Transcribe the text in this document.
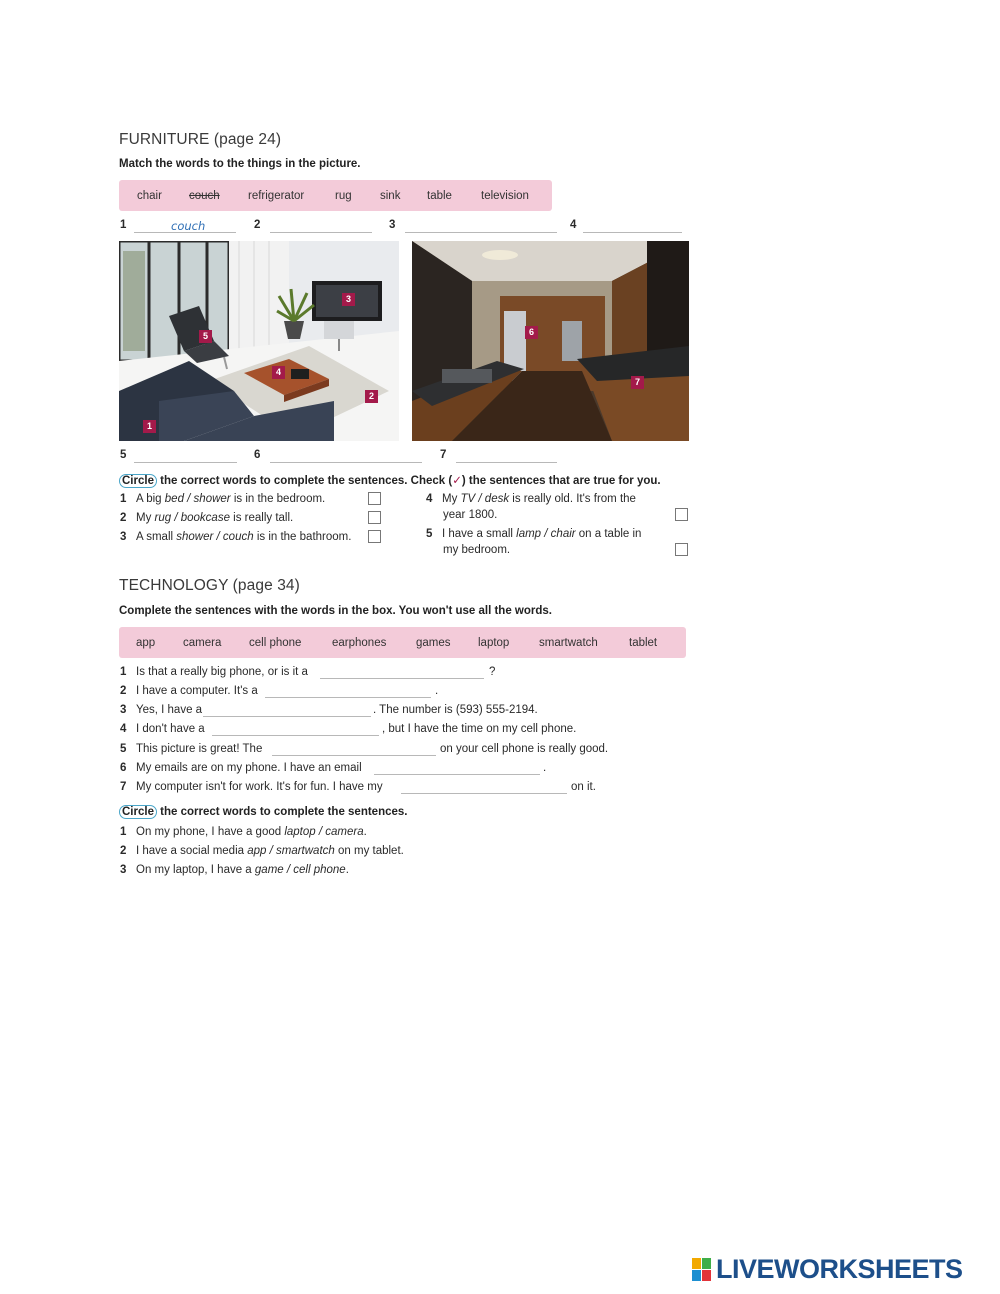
FURNITURE (page 24)
Match the words to the things in the picture.
chair couch refrigerator	rug sink table	television
1	couch	2	3	4
3
5
4
2
1
6
7
5	6	7
Circle the correct words to complete the sentences. Check (✓) the sentences that are true for you.
1 A big bed / shower is in the bedroom.
2 My rug / bookcase is really tall.
3 A small shower / couch is in the bathroom.
4 My TV / desk is really old. It's from the
year 1800.
5 I have a small lamp / chair on a table in
my bedroom.
TECHNOLOGY (page 34)
Complete the sentences with the words in the box. You won't use all the words.
app camera cell phone	earphones	games laptop	smartwatch	tablet
1 Is that a really big phone, or is it a	?
2 I have a computer. It's a	.
3 Yes, I have a	. The number is (593) 555-2194.
4 I don't have a	, but I have the time on my cell phone.
5 This picture is great! The	on your cell phone is really good.
6 My emails are on my phone. I have an email	.
7 My computer isn't for work. It's for fun. I have my	on it.
Circle the correct words to complete the sentences.
1 On my phone, I have a good laptop / camera.
2 I have a social media app / smartwatch on my tablet.
3 On my laptop, I have a game / cell phone.
LIVEWORKSHEETS
